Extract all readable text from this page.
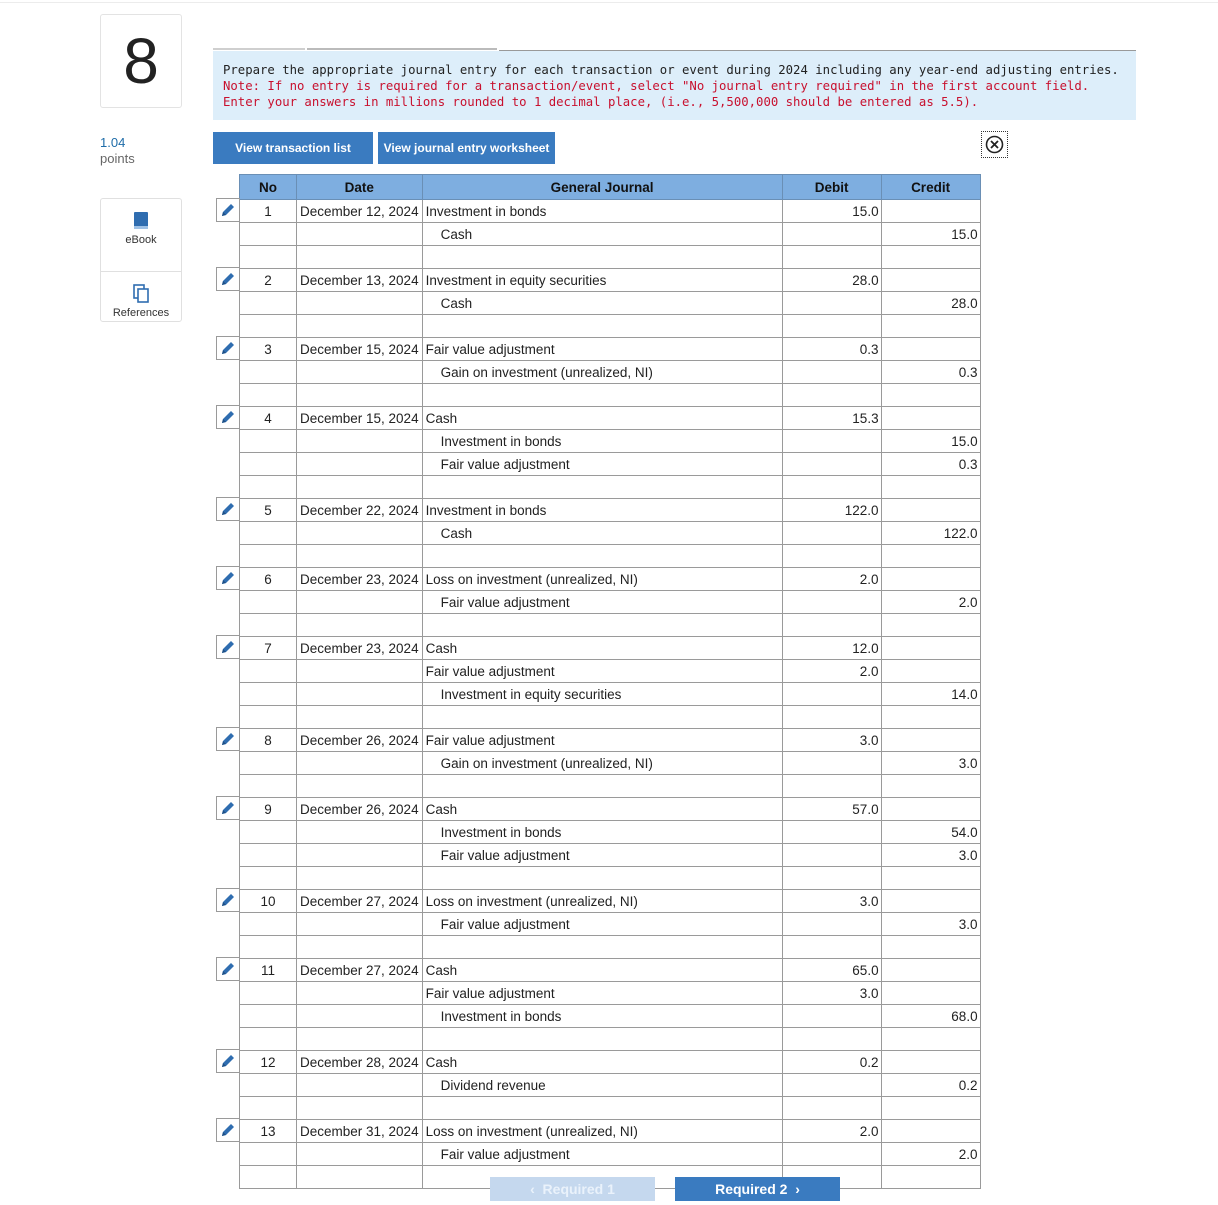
8
1.04
points
eBook
References
Prepare the appropriate journal entry for each transaction or event during 2024 including any year-end adjusting entries.
Note: If no entry is required for a transaction/event, select "No journal entry required" in the first account field. Enter your answers in millions rounded to 1 decimal place, (i.e., 5,500,000 should be entered as 5.5).
View transaction list	View journal entry worksheet
No	Date	General Journal	Debit	Credit
1	December 12, 2024	Investment in bonds	15.0	
		Cash		15.0

2	December 13, 2024	Investment in equity securities	28.0	
		Cash		28.0

3	December 15, 2024	Fair value adjustment	0.3	
		Gain on investment (unrealized, NI)		0.3

4	December 15, 2024	Cash	15.3	
		Investment in bonds		15.0
		Fair value adjustment		0.3

5	December 22, 2024	Investment in bonds	122.0	
		Cash		122.0

6	December 23, 2024	Loss on investment (unrealized, NI)	2.0	
		Fair value adjustment		2.0

7	December 23, 2024	Cash	12.0	
		Fair value adjustment	2.0	
		Investment in equity securities		14.0

8	December 26, 2024	Fair value adjustment	3.0	
		Gain on investment (unrealized, NI)		3.0

9	December 26, 2024	Cash	57.0	
		Investment in bonds		54.0
		Fair value adjustment		3.0

10	December 27, 2024	Loss on investment (unrealized, NI)	3.0	
		Fair value adjustment		3.0

11	December 27, 2024	Cash	65.0	
		Fair value adjustment	3.0	
		Investment in bonds		68.0

12	December 28, 2024	Cash	0.2	
		Dividend revenue		0.2

13	December 31, 2024	Loss on investment (unrealized, NI)	2.0	
		Fair value adjustment		2.0

‹ Required 1	Required 2 ›
